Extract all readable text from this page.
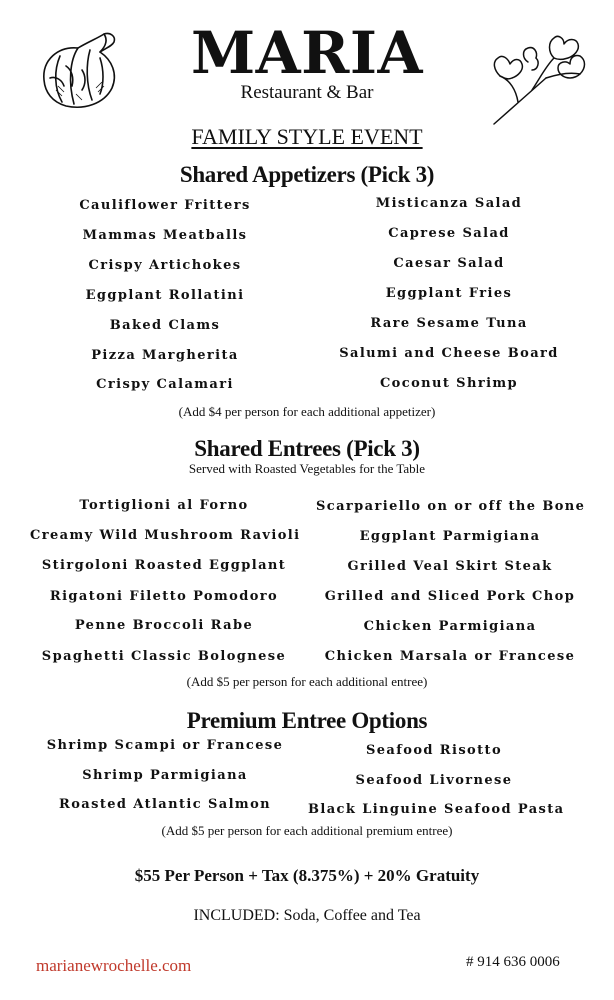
MARIA
Restaurant & Bar
FAMILY STYLE EVENT
Shared Appetizers (Pick 3)
Cauliflower Fritters
Mammas Meatballs
Crispy Artichokes
Eggplant Rollatini
Baked Clams
Pizza Margherita
Crispy Calamari
Misticanza Salad
Caprese Salad
Caesar Salad
Eggplant Fries
Rare Sesame Tuna
Salumi and Cheese Board
Coconut Shrimp
(Add $4 per person for each additional appetizer)
Shared Entrees (Pick 3)
Served with Roasted Vegetables for the Table
Tortiglioni al Forno
Creamy Wild Mushroom Ravioli
Stirgoloni Roasted Eggplant
Rigatoni Filetto Pomodoro
Penne Broccoli Rabe
Spaghetti Classic Bolognese
Scarpariello on or off the Bone
Eggplant Parmigiana
Grilled Veal Skirt Steak
Grilled and Sliced Pork Chop
Chicken Parmigiana
Chicken Marsala or Francese
(Add $5 per person for each additional entree)
Premium Entree Options
Shrimp Scampi or Francese
Shrimp Parmigiana
Roasted Atlantic Salmon
Seafood Risotto
Seafood Livornese
Black Linguine Seafood Pasta
(Add $5 per person for each additional premium entree)
$55 Per Person + Tax (8.375%) + 20% Gratuity
INCLUDED: Soda, Coffee and Tea
marianewrochelle.com	# 914 636 0006
